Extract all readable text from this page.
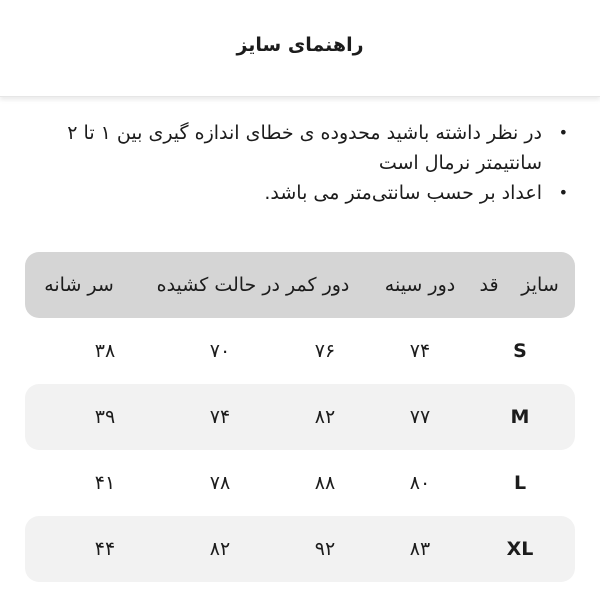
راهنمای سایز
•
در نظر داشته باشید محدوده ی خطای اندازه گیری بین ۱ تا ۲ سانتیمتر نرمال است
•
اعداد بر حسب سانتی‌متر می باشد.
سایز
قد
دور سینه
دور کمر در حالت کشیده
سر شانه
S
۷۴
۷۶
۷۰
۳۸
M
۷۷
۸۲
۷۴
۳۹
L
۸۰
۸۸
۷۸
۴۱
XL
۸۳
۹۲
۸۲
۴۴
